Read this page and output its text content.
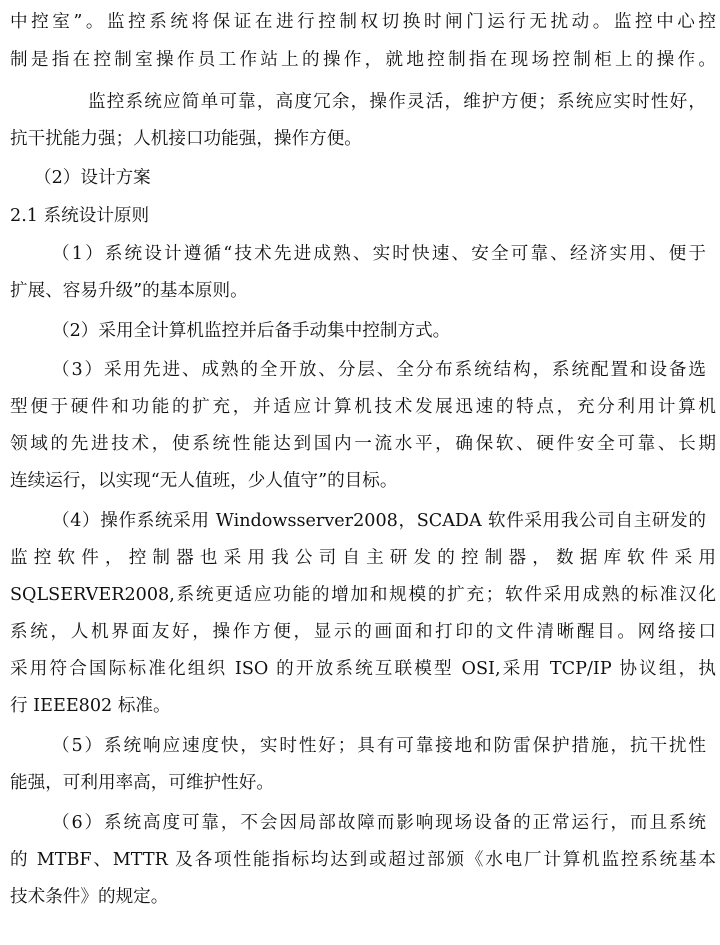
中控室”。监控系统将保证在进行控制权切换时闸门运行无扰动。监控中心控
制是指在控制室操作员工作站上的操作，就地控制指在现场控制柜上的操作。
监控系统应简单可靠，高度冗余，操作灵活，维护方便；系统应实时性好，
抗干扰能力强；人机接口功能强，操作方便。
（2）设计方案
2.1 系统设计原则
（1）系统设计遵循“技术先进成熟、实时快速、安全可靠、经济实用、便于
扩展、容易升级”的基本原则。
（2）采用全计算机监控并后备手动集中控制方式。
（3）采用先进、成熟的全开放、分层、全分布系统结构，系统配置和设备选
型便于硬件和功能的扩充，并适应计算机技术发展迅速的特点，充分利用计算机
领域的先进技术，使系统性能达到国内一流水平，确保软、硬件安全可靠、长期
连续运行，以实现“无人值班，少人值守”的目标。
（4）操作系统采用 Windowsserver2008，SCADA 软件采用我公司自主研发的
监控软件，控制器也采用我公司自主研发的控制器，数据库软件采用
SQLSERVER2008,系统更适应功能的增加和规模的扩充；软件采用成熟的标准汉化
系统，人机界面友好，操作方便，显示的画面和打印的文件清晰醒目。网络接口
采用符合国际标准化组织 ISO 的开放系统互联模型 OSI,采用 TCP/IP 协议组，执
行 IEEE802 标准。
（5）系统响应速度快，实时性好；具有可靠接地和防雷保护措施，抗干扰性
能强，可利用率高，可维护性好。
（6）系统高度可靠，不会因局部故障而影响现场设备的正常运行，而且系统
的 MTBF、MTTR 及各项性能指标均达到或超过部颁《水电厂计算机监控系统基本
技术条件》的规定。
